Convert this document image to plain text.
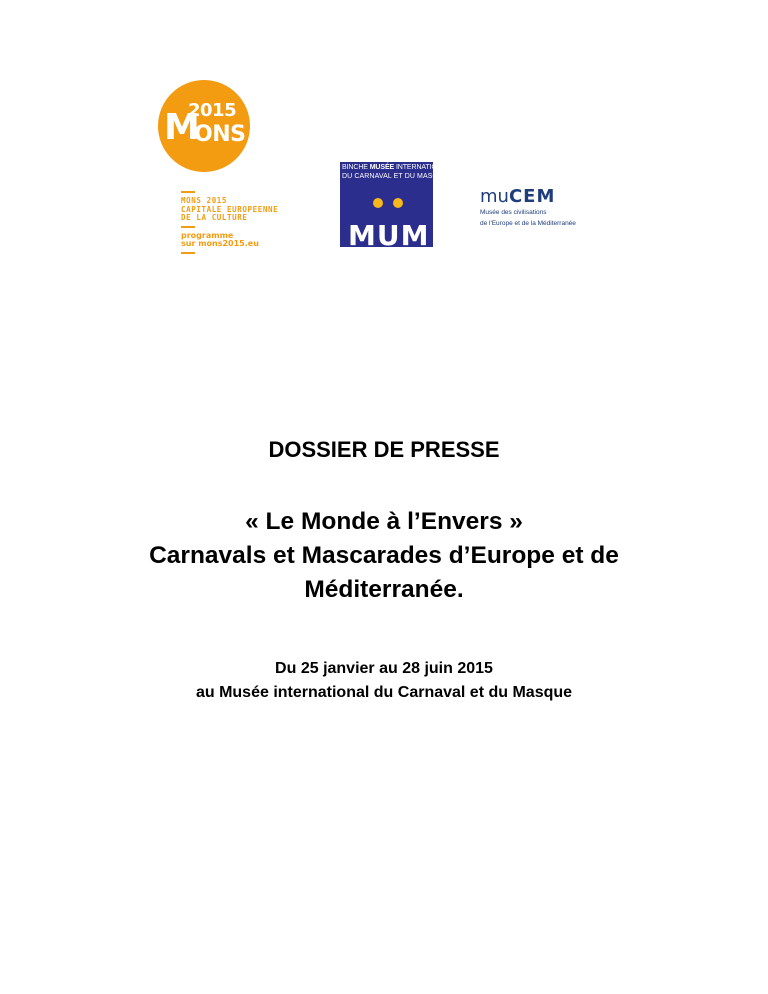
2015
M
ONS
MONS 2015
CAPITALE EUROPEENNE
DE LA CULTURE
programme
sur mons2015.eu
BINCHE MUSÉE INTERNATIONAL
DU CARNAVAL ET DU MASQUE
MUM
muCEM
Musée des civilisations
de l'Europe et de la Méditerranée
DOSSIER DE PRESSE
« Le Monde à l’Envers »
Carnavals et Mascarades d’Europe et de
Méditerranée.

Du 25 janvier au 28 juin 2015
au Musée international du Carnaval et du Masque
